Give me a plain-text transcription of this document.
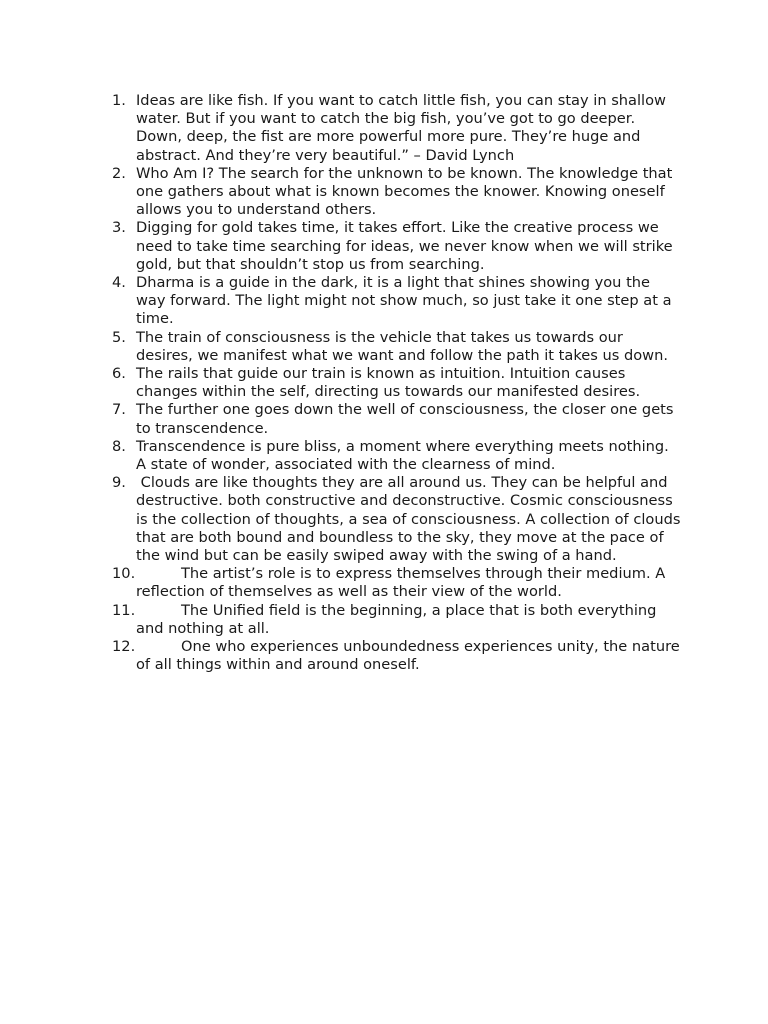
1. Ideas are like fish. If you want to catch little fish, you can stay in shallow water. But if you want to catch the big fish, you’ve got to go deeper. Down, deep, the fist are more powerful more pure. They’re huge and abstract. And they’re very beautiful.” – David Lynch
2. Who Am I? The search for the unknown to be known. The knowledge that one gathers about what is known becomes the knower. Knowing oneself allows you to understand others.
3. Digging for gold takes time, it takes effort. Like the creative process we need to take time searching for ideas, we never know when we will strike gold, but that shouldn’t stop us from searching.
4. Dharma is a guide in the dark, it is a light that shines showing you the way forward. The light might not show much, so just take it one step at a time.
5. The train of consciousness is the vehicle that takes us towards our desires, we manifest what we want and follow the path it takes us down.
6. The rails that guide our train is known as intuition. Intuition causes changes within the self, directing us towards our manifested desires.
7. The further one goes down the well of consciousness, the closer one gets to transcendence.
8. Transcendence is pure bliss, a moment where everything meets nothing. A state of wonder, associated with the clearness of mind.
9. Clouds are like thoughts they are all around us. They can be helpful and destructive. both constructive and deconstructive. Cosmic consciousness is the collection of thoughts, a sea of consciousness. A collection of clouds that are both bound and boundless to the sky, they move at the pace of the wind but can be easily swiped away with the swing of a hand.
10.	The artist’s role is to express themselves through their medium. A reflection of themselves as well as their view of the world.
11.	The Unified field is the beginning, a place that is both everything and nothing at all.
12.	One who experiences unboundedness experiences unity, the nature of all things within and around oneself.
